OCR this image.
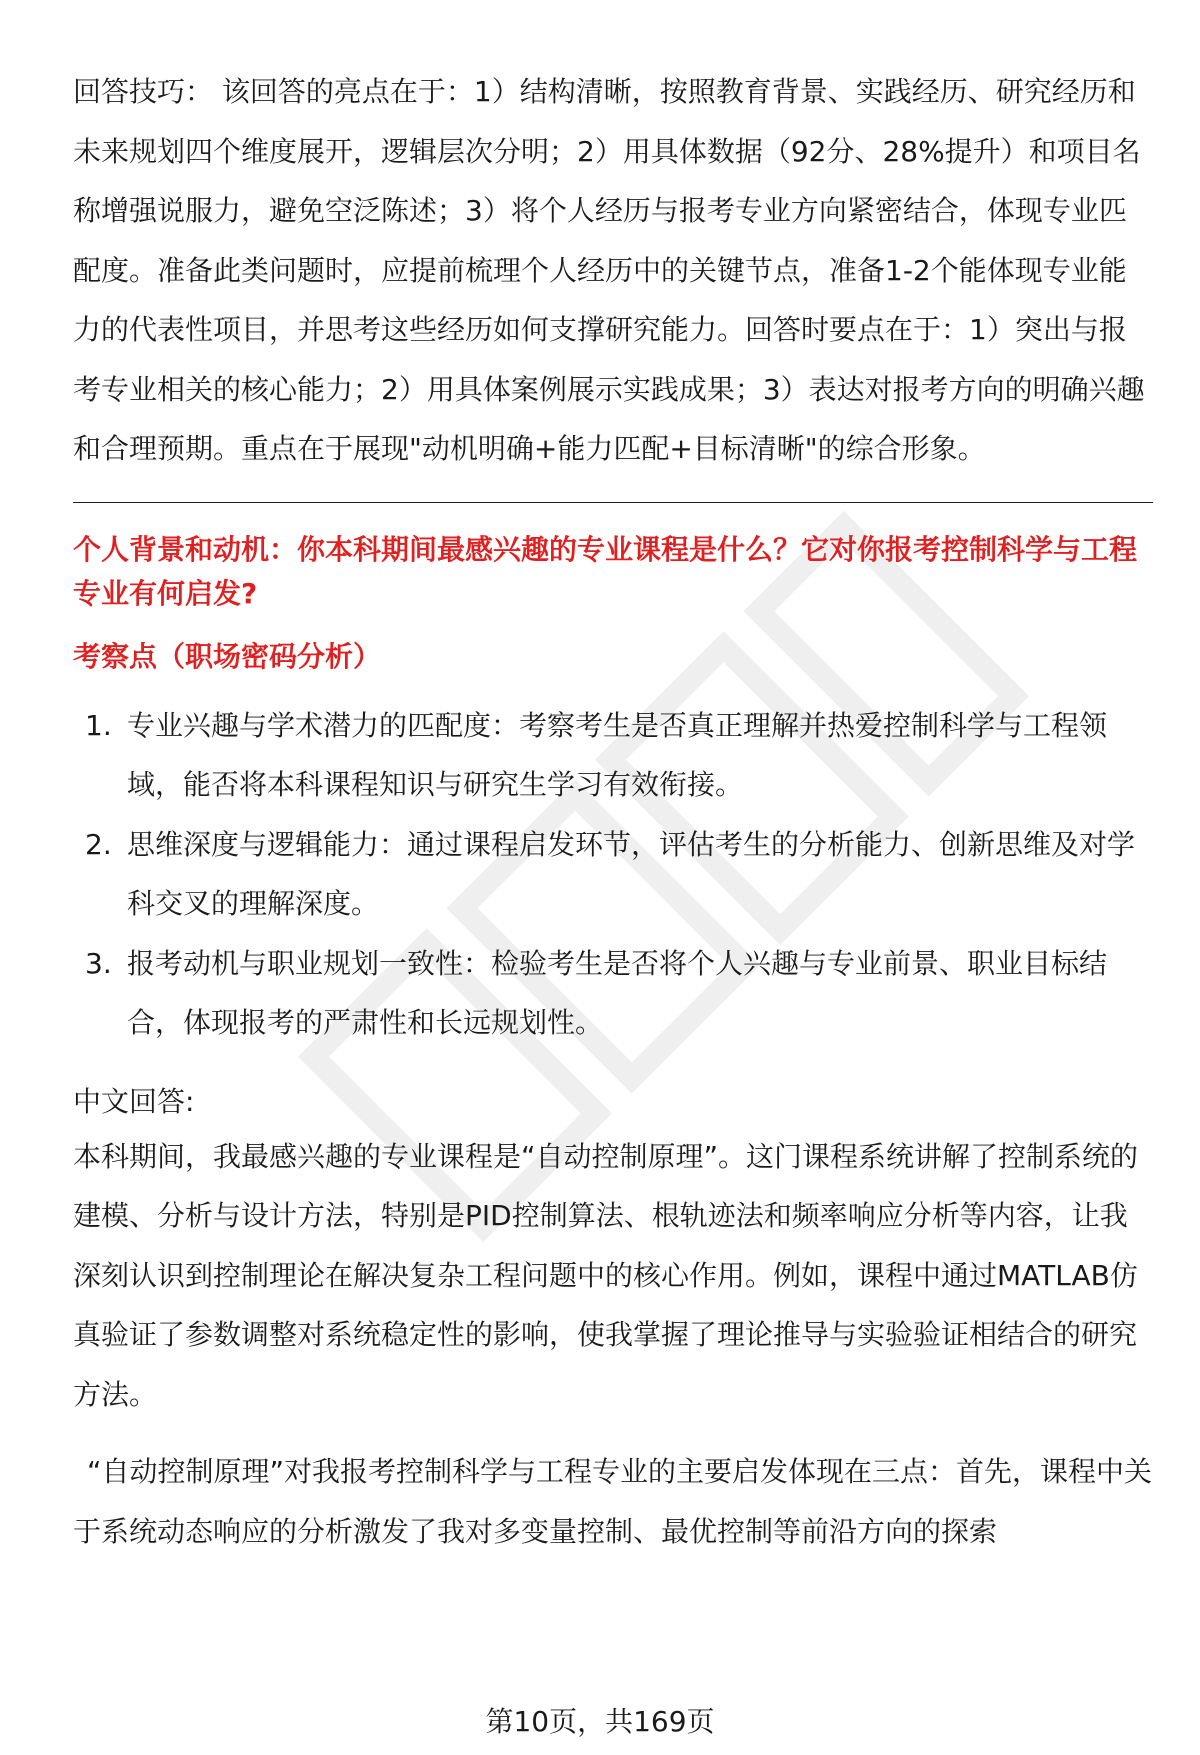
回答技巧： 该回答的亮点在于：1）结构清晰，按照教育背景、实践经历、研究经历和未来规划四个维度展开，逻辑层次分明；2）用具体数据（92分、28%提升）和项目名称增强说服力，避免空泛陈述；3）将个人经历与报考专业方向紧密结合，体现专业匹配度。准备此类问题时，应提前梳理个人经历中的关键节点，准备1-2个能体现专业能力的代表性项目，并思考这些经历如何支撑研究能力。回答时要点在于：1）突出与报考专业相关的核心能力；2）用具体案例展示实践成果；3）表达对报考方向的明确兴趣和合理预期。重点在于展现"动机明确+能力匹配+目标清晰"的综合形象。

个人背景和动机：你本科期间最感兴趣的专业课程是什么？它对你报考控制科学与工程专业有何启发?

考察点（职场密码分析）

1. 专业兴趣与学术潜力的匹配度：考察考生是否真正理解并热爱控制科学与工程领域，能否将本科课程知识与研究生学习有效衔接。
2. 思维深度与逻辑能力：通过课程启发环节，评估考生的分析能力、创新思维及对学科交叉的理解深度。
3. 报考动机与职业规划一致性：检验考生是否将个人兴趣与专业前景、职业目标结合，体现报考的严肃性和长远规划性。

中文回答:

本科期间，我最感兴趣的专业课程是“自动控制原理”。这门课程系统讲解了控制系统的建模、分析与设计方法，特别是PID控制算法、根轨迹法和频率响应分析等内容，让我深刻认识到控制理论在解决复杂工程问题中的核心作用。例如，课程中通过MATLAB仿真验证了参数调整对系统稳定性的影响，使我掌握了理论推导与实验验证相结合的研究方法。

“自动控制原理”对我报考控制科学与工程专业的主要启发体现在三点：首先，课程中关于系统动态响应的分析激发了我对多变量控制、最优控制等前沿方向的探索

第10页，共169页
